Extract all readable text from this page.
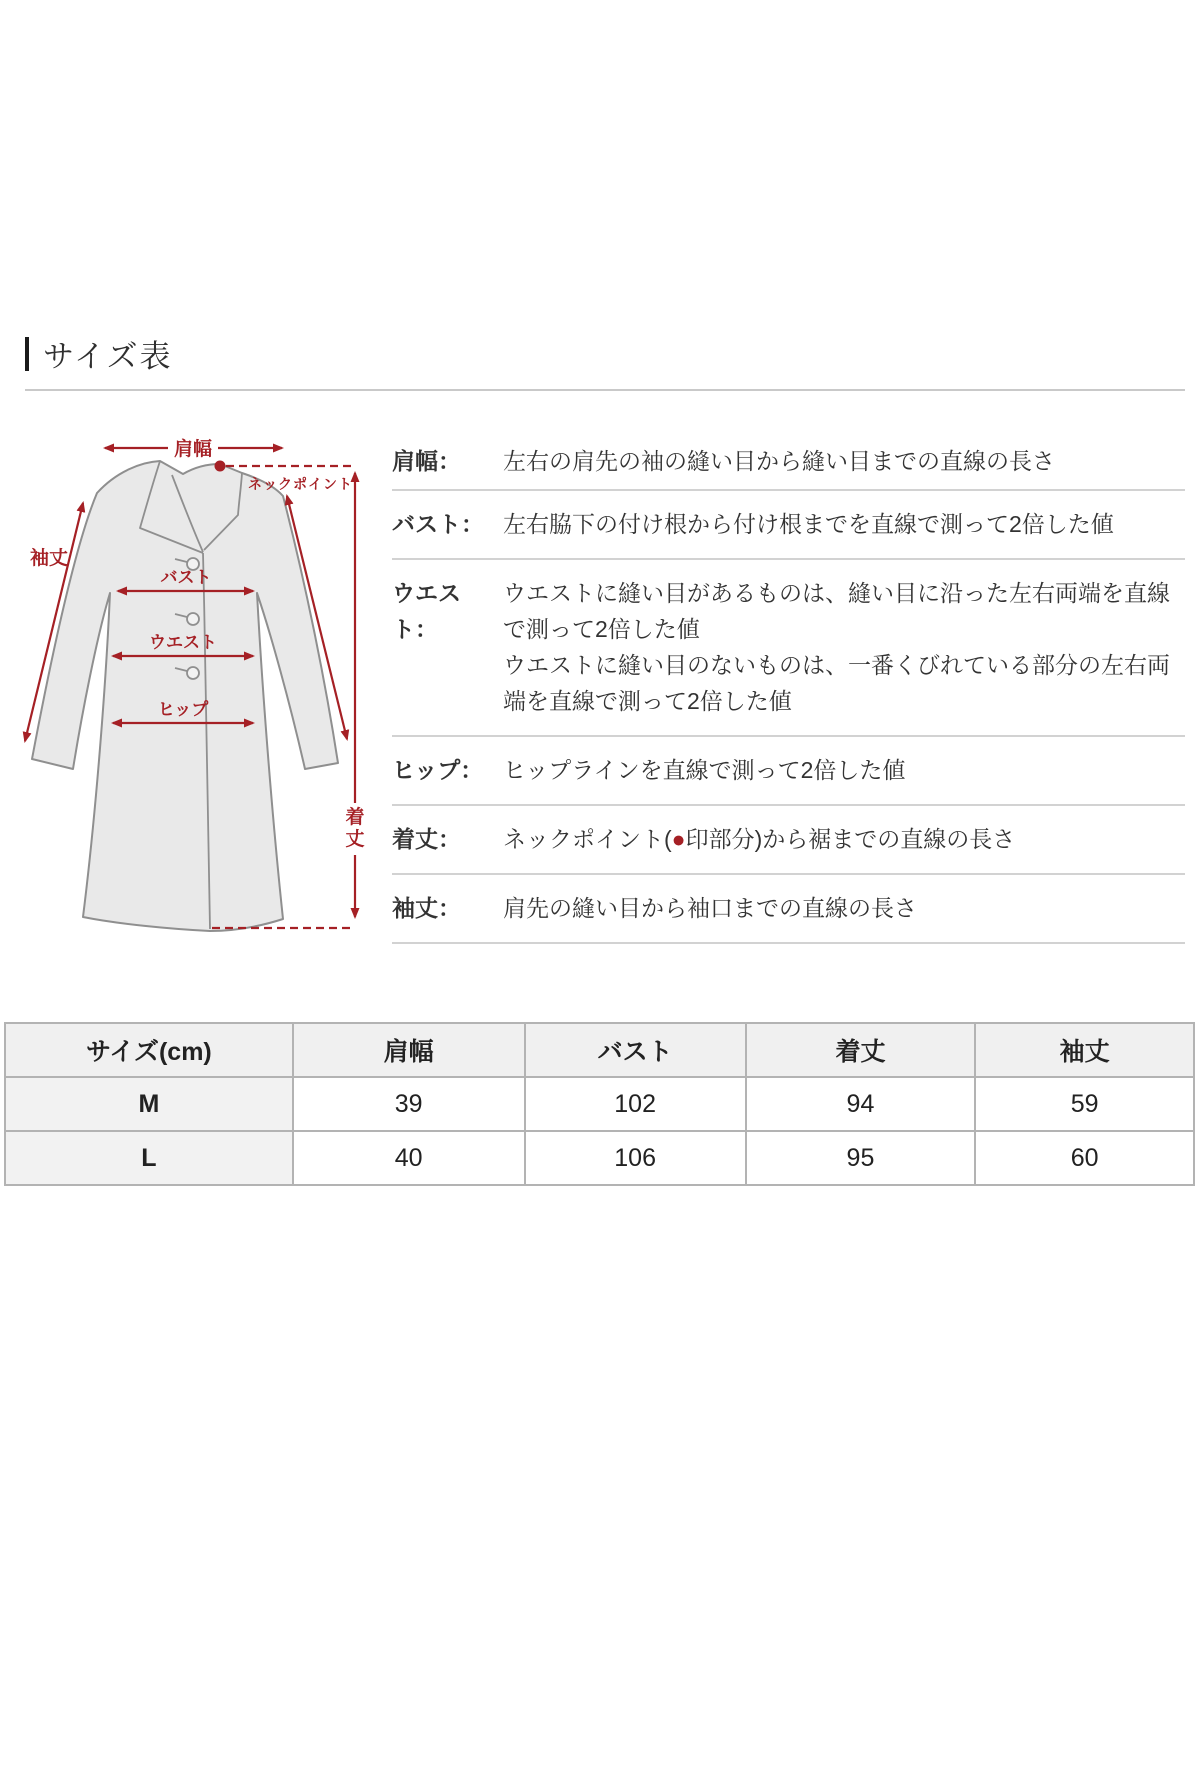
サイズ表
肩幅
ネックポイント
着
丈
袖丈
バスト
ウエスト
ヒップ
肩幅：	左右の肩先の袖の縫い目から縫い目までの直線の長さ
バスト： 左右脇下の付け根から付け根までを直線で測って2倍した値
ウエスト：
ウエストに縫い目があるものは、縫い目に沿った左右両端を直線で測って2倍した値
ウエストに縫い目のないものは、一番くびれている部分の左右両端を直線で測って2倍した値
ヒップ： ヒップラインを直線で測って2倍した値
着丈：	ネックポイント(●印部分)から裾までの直線の長さ
袖丈：	肩先の縫い目から袖口までの直線の長さ
サイズ(cm)	肩幅	バスト	着丈	袖丈
M	39	102	94	59
L	40	106	95	60
